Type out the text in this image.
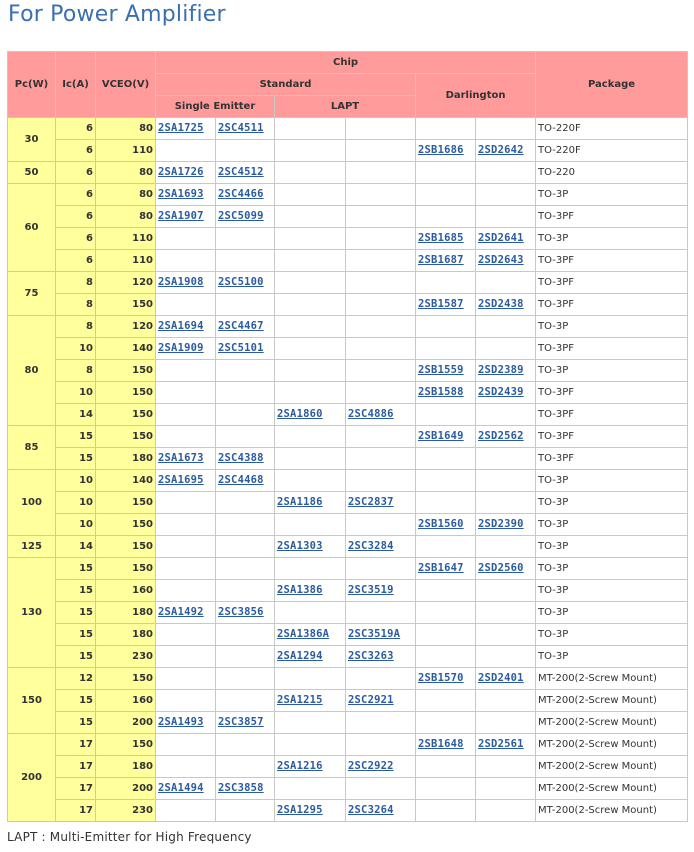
For Power Amplifier
Pc(W)	Ic(A)	VCEO(V)	Chip						Package
			Standard				Darlington		
			Single Emitter		LAPT				
30	6	80	2SA1725	2SC4511					TO-220F
	6	110					2SB1686	2SD2642	TO-220F
50	6	80	2SA1726	2SC4512					TO-220
60	6	80	2SA1693	2SC4466					TO-3P
	6	80	2SA1907	2SC5099					TO-3PF
	6	110					2SB1685	2SD2641	TO-3P
	6	110					2SB1687	2SD2643	TO-3PF
75	8	120	2SA1908	2SC5100					TO-3PF
	8	150					2SB1587	2SD2438	TO-3PF
80	8	120	2SA1694	2SC4467					TO-3P
	10	140	2SA1909	2SC5101					TO-3PF
	8	150					2SB1559	2SD2389	TO-3P
	10	150					2SB1588	2SD2439	TO-3PF
	14	150			2SA1860	2SC4886			TO-3PF
85	15	150					2SB1649	2SD2562	TO-3PF
	15	180	2SA1673	2SC4388					TO-3PF
100	10	140	2SA1695	2SC4468					TO-3P
	10	150			2SA1186	2SC2837			TO-3P
	10	150					2SB1560	2SD2390	TO-3P
125	14	150			2SA1303	2SC3284			TO-3P
130	15	150					2SB1647	2SD2560	TO-3P
	15	160			2SA1386	2SC3519			TO-3P
	15	180	2SA1492	2SC3856					TO-3P
	15	180			2SA1386A	2SC3519A			TO-3P
	15	230			2SA1294	2SC3263			TO-3P
150	12	150					2SB1570	2SD2401	MT-200(2-Screw Mount)
	15	160			2SA1215	2SC2921			MT-200(2-Screw Mount)
	15	200	2SA1493	2SC3857					MT-200(2-Screw Mount)
200	17	150					2SB1648	2SD2561	MT-200(2-Screw Mount)
	17	180			2SA1216	2SC2922			MT-200(2-Screw Mount)
	17	200	2SA1494	2SC3858					MT-200(2-Screw Mount)
	17	230			2SA1295	2SC3264			MT-200(2-Screw Mount)
LAPT : Multi-Emitter for High Frequency
